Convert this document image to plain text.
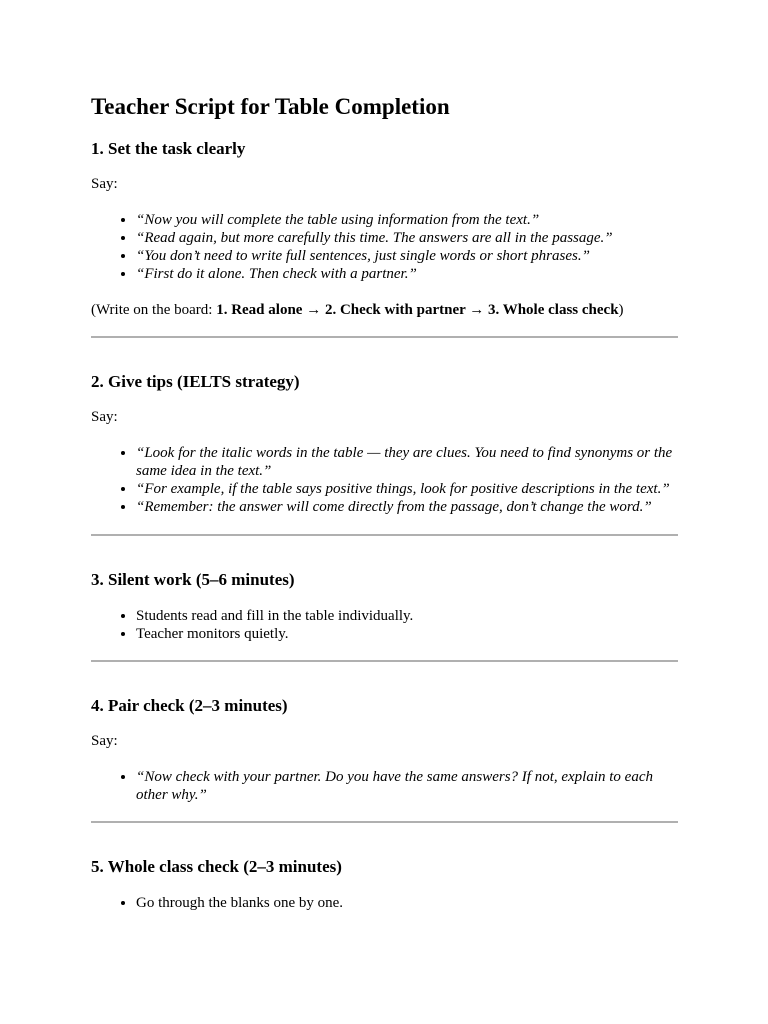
Teacher Script for Table Completion
1. Set the task clearly

Say:

• “Now you will complete the table using information from the text.”
• “Read again, but more carefully this time. The answers are all in the passage.”
• “You don’t need to write full sentences, just single words or short phrases.”
• “First do it alone. Then check with a partner.”

(Write on the board: 1. Read alone → 2. Check with partner → 3. Whole class check)

2. Give tips (IELTS strategy)

Say:

• “Look for the italic words in the table — they are clues. You need to find synonyms or the same idea in the text.”
• “For example, if the table says positive things, look for positive descriptions in the text.”
• “Remember: the answer will come directly from the passage, don’t change the word.”
3. Silent work (5–6 minutes)
• Students read and fill in the table individually.
• Teacher monitors quietly.
4. Pair check (2–3 minutes)

Say:

• “Now check with your partner. Do you have the same answers? If not, explain to each other why.”
5. Whole class check (2–3 minutes)
• Go through the blanks one by one.
